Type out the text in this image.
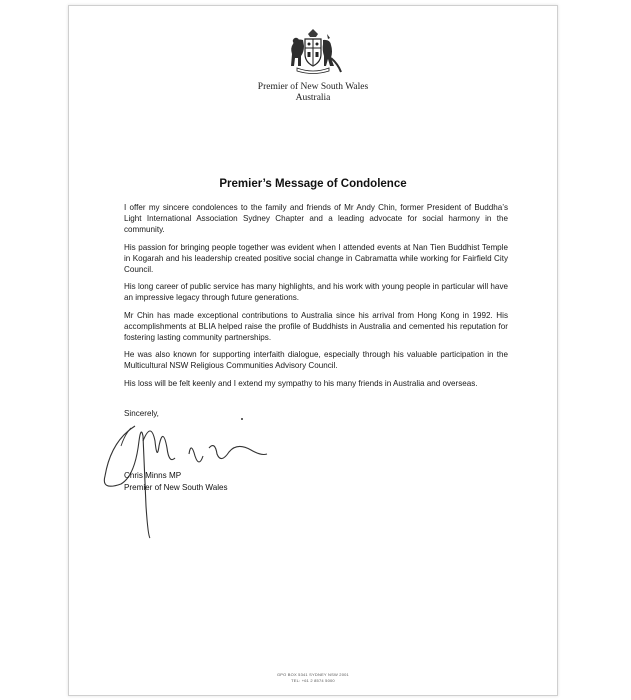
Premier of New South Wales
Australia
Premier’s Message of Condolence

I offer my sincere condolences to the family and friends of Mr Andy Chin, former President of Buddha’s Light International Association Sydney Chapter and a leading advocate for social harmony in the community.

His passion for bringing people together was evident when I attended events at Nan Tien Buddhist Temple in Kogarah and his leadership created positive social change in Cabramatta while working for Fairfield City Council.

His long career of public service has many highlights, and his work with young people in particular will have an impressive legacy through future generations.

Mr Chin has made exceptional contributions to Australia since his arrival from Hong Kong in 1992. His accomplishments at BLIA helped raise the profile of Buddhists in Australia and cemented his reputation for fostering lasting community partnerships.

He was also known for supporting interfaith dialogue, especially through his valuable participation in the Multicultural NSW Religious Communities Advisory Council.

His loss will be felt keenly and I extend my sympathy to his many friends in Australia and overseas.

Sincerely,
Chris Minns MP
Premier of New South Wales
GPO BOX 5341 SYDNEY NSW 2001
TEL: +61 2 8574 5000
